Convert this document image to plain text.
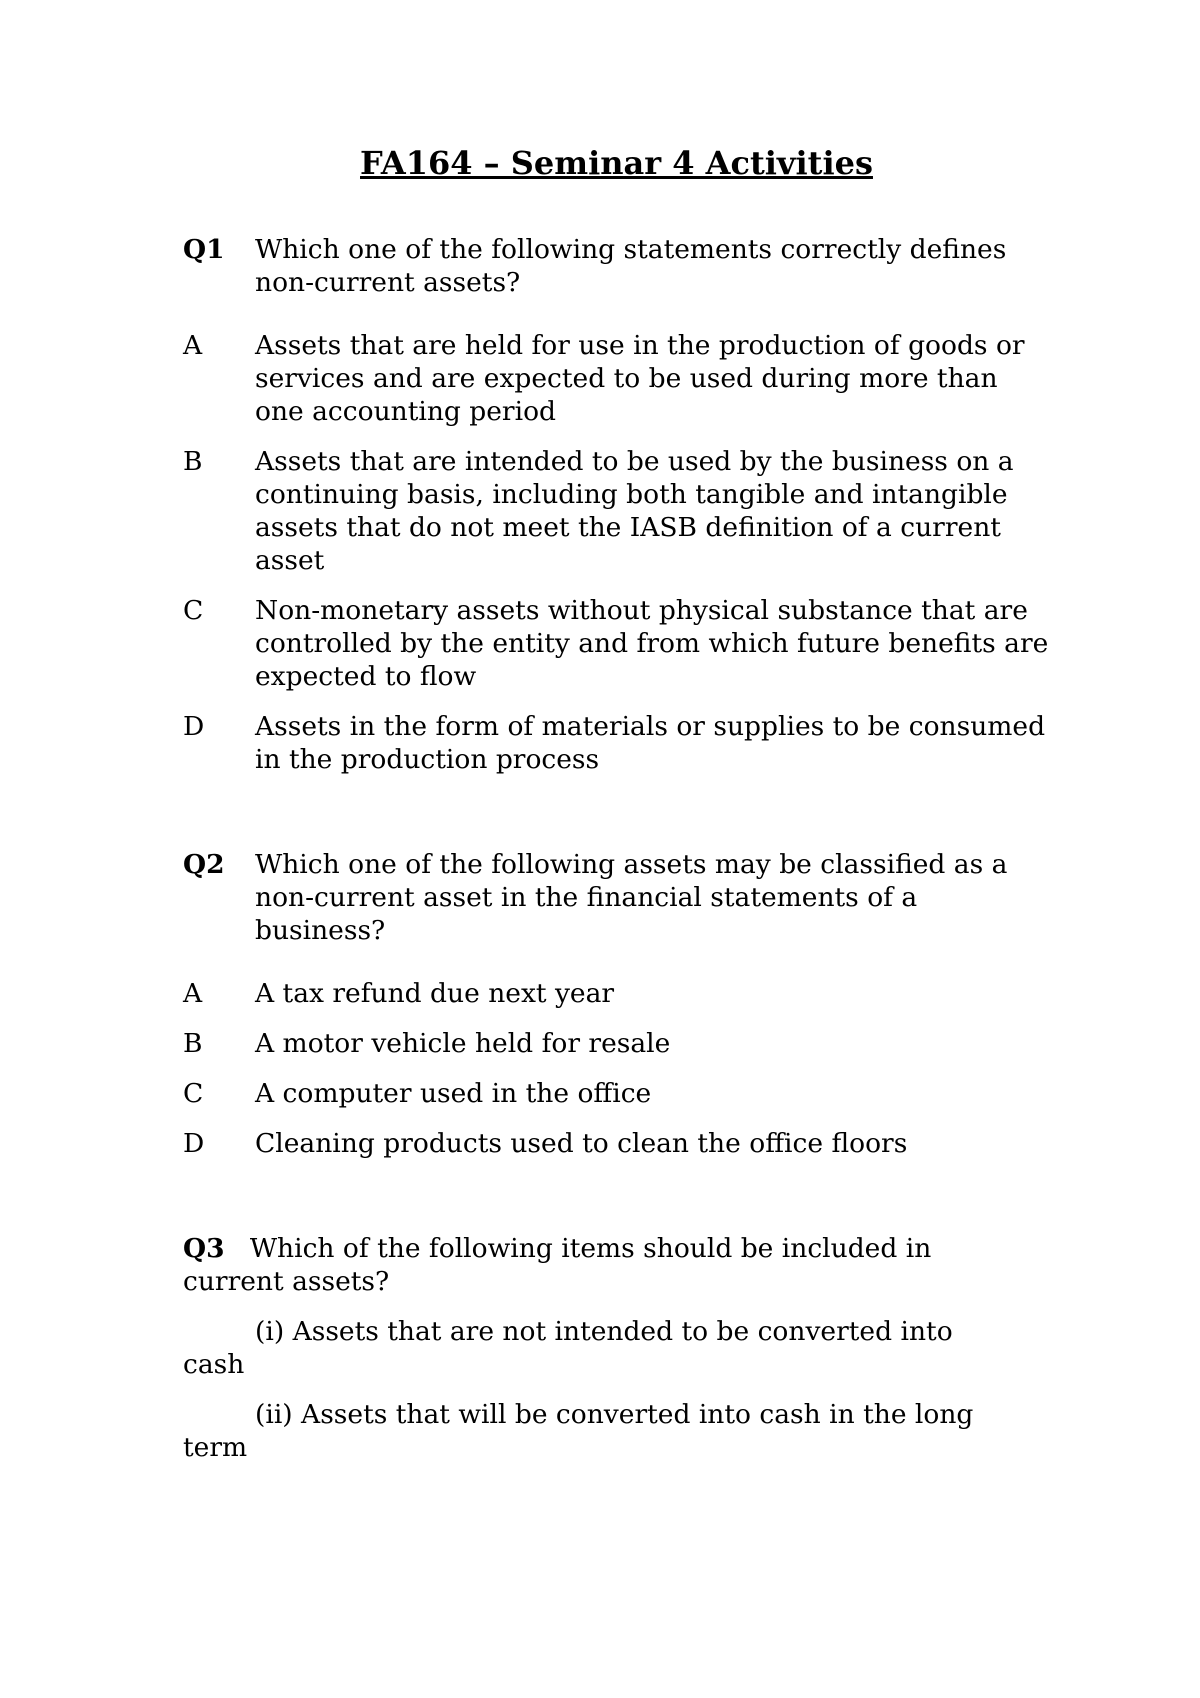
FA164 – Seminar 4 Activities
Q1	Which one of the following statements correctly defines non-current assets?
A	Assets that are held for use in the production of goods or services and are expected to be used during more than one accounting period
B	Assets that are intended to be used by the business on a continuing basis, including both tangible and intangible assets that do not meet the IASB definition of a current asset
C	Non-monetary assets without physical substance that are controlled by the entity and from which future benefits are expected to flow
D	Assets in the form of materials or supplies to be consumed in the production process
Q2	Which one of the following assets may be classified as a non-current asset in the financial statements of a business?
A	A tax refund due next year
B	A motor vehicle held for resale
C	A computer used in the office
D	Cleaning products used to clean the office floors
Q3 Which of the following items should be included in current assets?
(i) Assets that are not intended to be converted into cash
(ii) Assets that will be converted into cash in the long term
